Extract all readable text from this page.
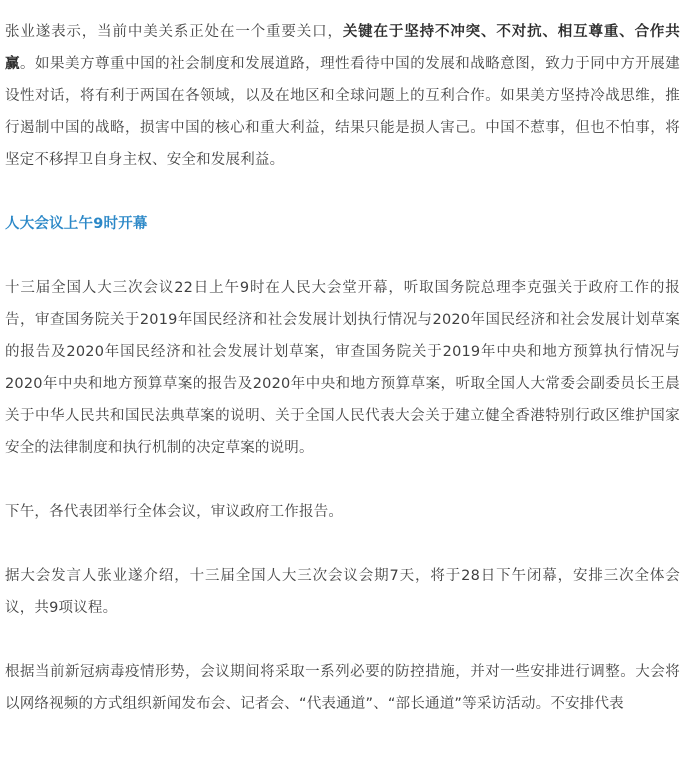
张业遂表示，当前中美关系正处在一个重要关口，关键在于坚持不冲突、不对抗、相互尊重、合作共赢。如果美方尊重中国的社会制度和发展道路，理性看待中国的发展和战略意图，致力于同中方开展建设性对话，将有利于两国在各领域，以及在地区和全球问题上的互利合作。如果美方坚持冷战思维，推行遏制中国的战略，损害中国的核心和重大利益，结果只能是损人害己。中国不惹事，但也不怕事，将坚定不移捍卫自身主权、安全和发展利益。

人大会议上午9时开幕

十三届全国人大三次会议22日上午9时在人民大会堂开幕，听取国务院总理李克强关于政府工作的报告，审查国务院关于2019年国民经济和社会发展计划执行情况与2020年国民经济和社会发展计划草案的报告及2020年国民经济和社会发展计划草案，审查国务院关于2019年中央和地方预算执行情况与2020年中央和地方预算草案的报告及2020年中央和地方预算草案，听取全国人大常委会副委员长王晨关于中华人民共和国民法典草案的说明、关于全国人民代表大会关于建立健全香港特别行政区维护国家安全的法律制度和执行机制的决定草案的说明。

下午，各代表团举行全体会议，审议政府工作报告。

据大会发言人张业遂介绍，十三届全国人大三次会议会期7天，将于28日下午闭幕，安排三次全体会议，共9项议程。

根据当前新冠病毒疫情形势，会议期间将采取一系列必要的防控措施，并对一些安排进行调整。大会将以网络视频的方式组织新闻发布会、记者会、“代表通道”、“部长通道”等采访活动。不安排代表
